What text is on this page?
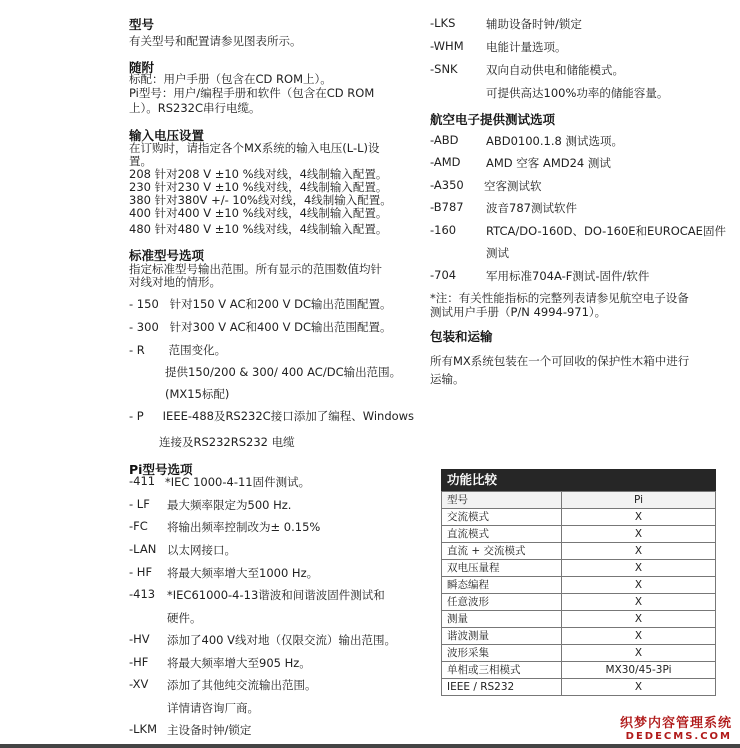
型号
有关型号和配置请参见图表所示。
随附
标配：用户手册（包含在CD ROM上）。
Pi型号：用户/编程手册和软件（包含在CD ROM
上）。RS232C串行电缆。
输入电压设置
在订购时，请指定各个MX系统的输入电压(L-L)设
置。
208 针对208 V ±10 %线对线，4线制输入配置。
230 针对230 V ±10 %线对线，4线制输入配置。
380 针对380V +/- 10%线对线，4线制输入配置。
400 针对400 V ±10 %线对线，4线制输入配置。
480 针对480 V ±10 %线对线，4线制输入配置。
标准型号选项
指定标准型号输出范围。所有显示的范围数值均针
对线对地的情形。
- 150 针对150 V AC和200 V DC输出范围配置。
- 300 针对300 V AC和400 V DC输出范围配置。
- R 范围变化。
提供150/200 & 300/ 400 AC/DC输出范围。
(MX15标配)
- P IEEE-488及RS232C接口添加了编程、Windows
连接及RS232RS232 电缆
Pi型号选项
-411 *IEC 1000-4-11固件测试。
- LF 最大频率限定为500 Hz.
-FC 将输出频率控制改为± 0.15%
-LAN 以太网接口。
- HF 将最大频率增大至1000 Hz。
-413 *IEC61000-4-13谐波和间谐波固件测试和
硬件。
-HV 添加了400 V线对地（仅限交流）输出范围。
-HF 将最大频率增大至905 Hz。
-XV 添加了其他纯交流输出范围。
详情请咨询厂商。
-LKM 主设备时钟/锁定
-LKS	辅助设备时钟/锁定
-WHM 电能计量选项。
-SNK 双向自动供电和储能模式。
可提供高达100%功率的储能容量。
航空电子提供测试选项
-ABD ABD0100.1.8 测试选项。
-AMD AMD 空客 AMD24 测试
-A350 空客测试软
-B787 波音787测试软件
-160	RTCA/DO-160D、DO-160E和EUROCAE固件
测试
-704	军用标准704A-F测试-固件/软件
*注：有关性能指标的完整列表请参见航空电子设备
测试用户手册（P/N 4994-971）。
包装和运输
所有MX系统包装在一个可回收的保护性木箱中进行
运输。
功能比较
型号	Pi
交流模式	X
直流模式	X
直流 + 交流模式	X
双电压量程	X
瞬态编程	X
任意波形	X
测量	X
谐波测量	X
波形采集	X
单相或三相模式	MX30/45-3Pi
IEEE / RS232	X
织梦内容管理系统
DEDECMS.COM
